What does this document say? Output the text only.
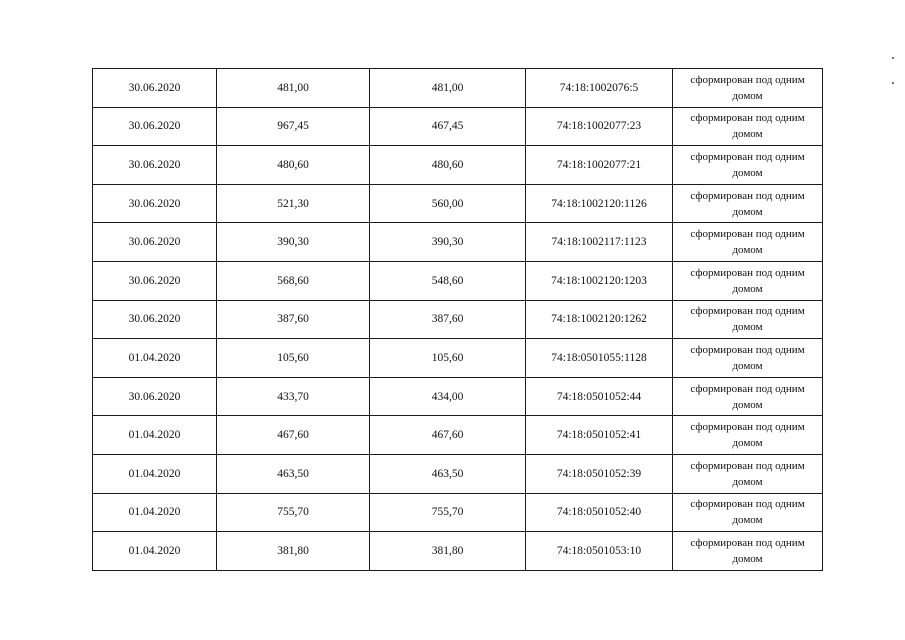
30.06.2020	481,00	481,00	74:18:1002076:5	сформирован под одним
домом

30.06.2020	967,45	467,45	74:18:1002077:23	сформирован под одним
домом

30.06.2020	480,60	480,60	74:18:1002077:21	сформирован под одним
домом

30.06.2020	521,30	560,00	74:18:1002120:1126	сформирован под одним
домом

30.06.2020	390,30	390,30	74:18:1002117:1123	сформирован под одним
домом

30.06.2020	568,60	548,60	74:18:1002120:1203	сформирован под одним
домом

30.06.2020	387,60	387,60	74:18:1002120:1262	сформирован под одним
домом

01.04.2020	105,60	105,60	74:18:0501055:1128	сформирован под одним
домом

30.06.2020	433,70	434,00	74:18:0501052:44	сформирован под одним
домом

01.04.2020	467,60	467,60	74:18:0501052:41	сформирован под одним
домом

01.04.2020	463,50	463,50	74:18:0501052:39	сформирован под одним
домом

01.04.2020	755,70	755,70	74:18:0501052:40	сформирован под одним
домом

01.04.2020	381,80	381,80	74:18:0501053:10	сформирован под одним
домом
